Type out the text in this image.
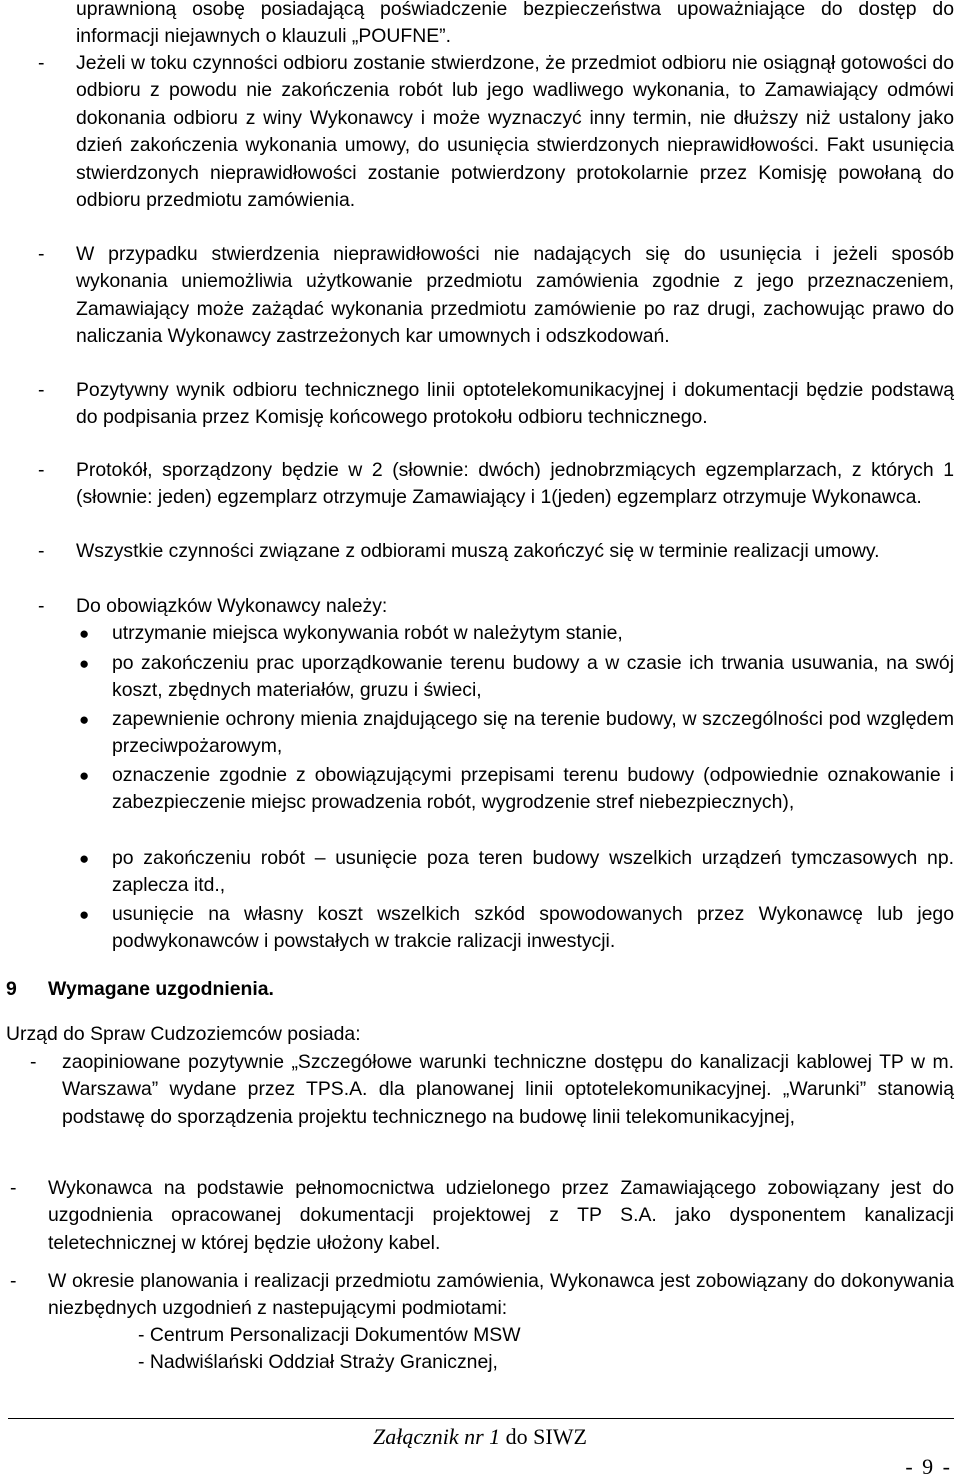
uprawnioną osobę posiadającą poświadczenie bezpieczeństwa upoważniające do dostęp do informacji niejawnych o klauzuli „POUFNE”.
- Jeżeli w toku czynności odbioru zostanie stwierdzone, że przedmiot odbioru nie osiągnął gotowości do odbioru z powodu nie zakończenia robót lub jego wadliwego wykonania, to Zamawiający odmówi dokonania odbioru z winy Wykonawcy i może wyznaczyć inny termin, nie dłuższy niż ustalony jako dzień zakończenia wykonania umowy, do usunięcia stwierdzonych nieprawidłowości. Fakt usunięcia stwierdzonych nieprawidłowości zostanie potwierdzony protokolarnie przez Komisję powołaną do odbioru przedmiotu zamówienia.
- W przypadku stwierdzenia nieprawidłowości nie nadających się do usunięcia i jeżeli sposób wykonania uniemożliwia użytkowanie przedmiotu zamówienia zgodnie z jego przeznaczeniem, Zamawiający może zażądać wykonania przedmiotu zamówienie po raz drugi, zachowując prawo do naliczania Wykonawcy zastrzeżonych kar umownych i odszkodowań.
- Pozytywny wynik odbioru technicznego linii optotelekomunikacyjnej i dokumentacji będzie podstawą do podpisania przez Komisję końcowego protokołu odbioru technicznego.
- Protokół, sporządzony będzie w 2 (słownie: dwóch) jednobrzmiących egzemplarzach, z których 1 (słownie: jeden) egzemplarz otrzymuje Zamawiający i 1(jeden) egzemplarz otrzymuje Wykonawca.
- Wszystkie czynności związane z odbiorami muszą zakończyć się w terminie realizacji umowy.
- Do obowiązków Wykonawcy należy:
● utrzymanie miejsca wykonywania robót w należytym stanie,
● po zakończeniu prac uporządkowanie terenu budowy a w czasie ich trwania usuwania, na swój koszt, zbędnych materiałów, gruzu i świeci,
● zapewnienie ochrony mienia znajdującego się na terenie budowy, w szczególności pod względem przeciwpożarowym,
● oznaczenie zgodnie z obowiązującymi przepisami terenu budowy (odpowiednie oznakowanie i zabezpieczenie miejsc prowadzenia robót, wygrodzenie stref niebezpiecznych),
● po zakończeniu robót – usunięcie poza teren budowy wszelkich urządzeń tymczasowych np. zaplecza itd.,
● usunięcie na własny koszt wszelkich szkód spowodowanych przez Wykonawcę lub jego podwykonawców i powstałych w trakcie ralizacji inwestycji.
9 Wymagane uzgodnienia.
Urząd do Spraw Cudzoziemców posiada:
- zaopiniowane pozytywnie „Szczegółowe warunki techniczne dostępu do kanalizacji kablowej TP w m. Warszawa” wydane przez TPS.A. dla planowanej linii optotelekomunikacyjnej. „Warunki” stanowią podstawę do sporządzenia projektu technicznego na budowę linii telekomunikacyjnej,
- Wykonawca na podstawie pełnomocnictwa udzielonego przez Zamawiającego zobowiązany jest do uzgodnienia opracowanej dokumentacji projektowej z TP S.A. jako dysponentem kanalizacji teletechnicznej w której będzie ułożony kabel.
- W okresie planowania i realizacji przedmiotu zamówienia, Wykonawca jest zobowiązany do dokonywania niezbędnych uzgodnień z nastepującymi podmiotami:
- Centrum Personalizacji Dokumentów MSW
- Nadwiślański Oddział Straży Granicznej,
Załącznik nr 1 do SIWZ
- 9 -
